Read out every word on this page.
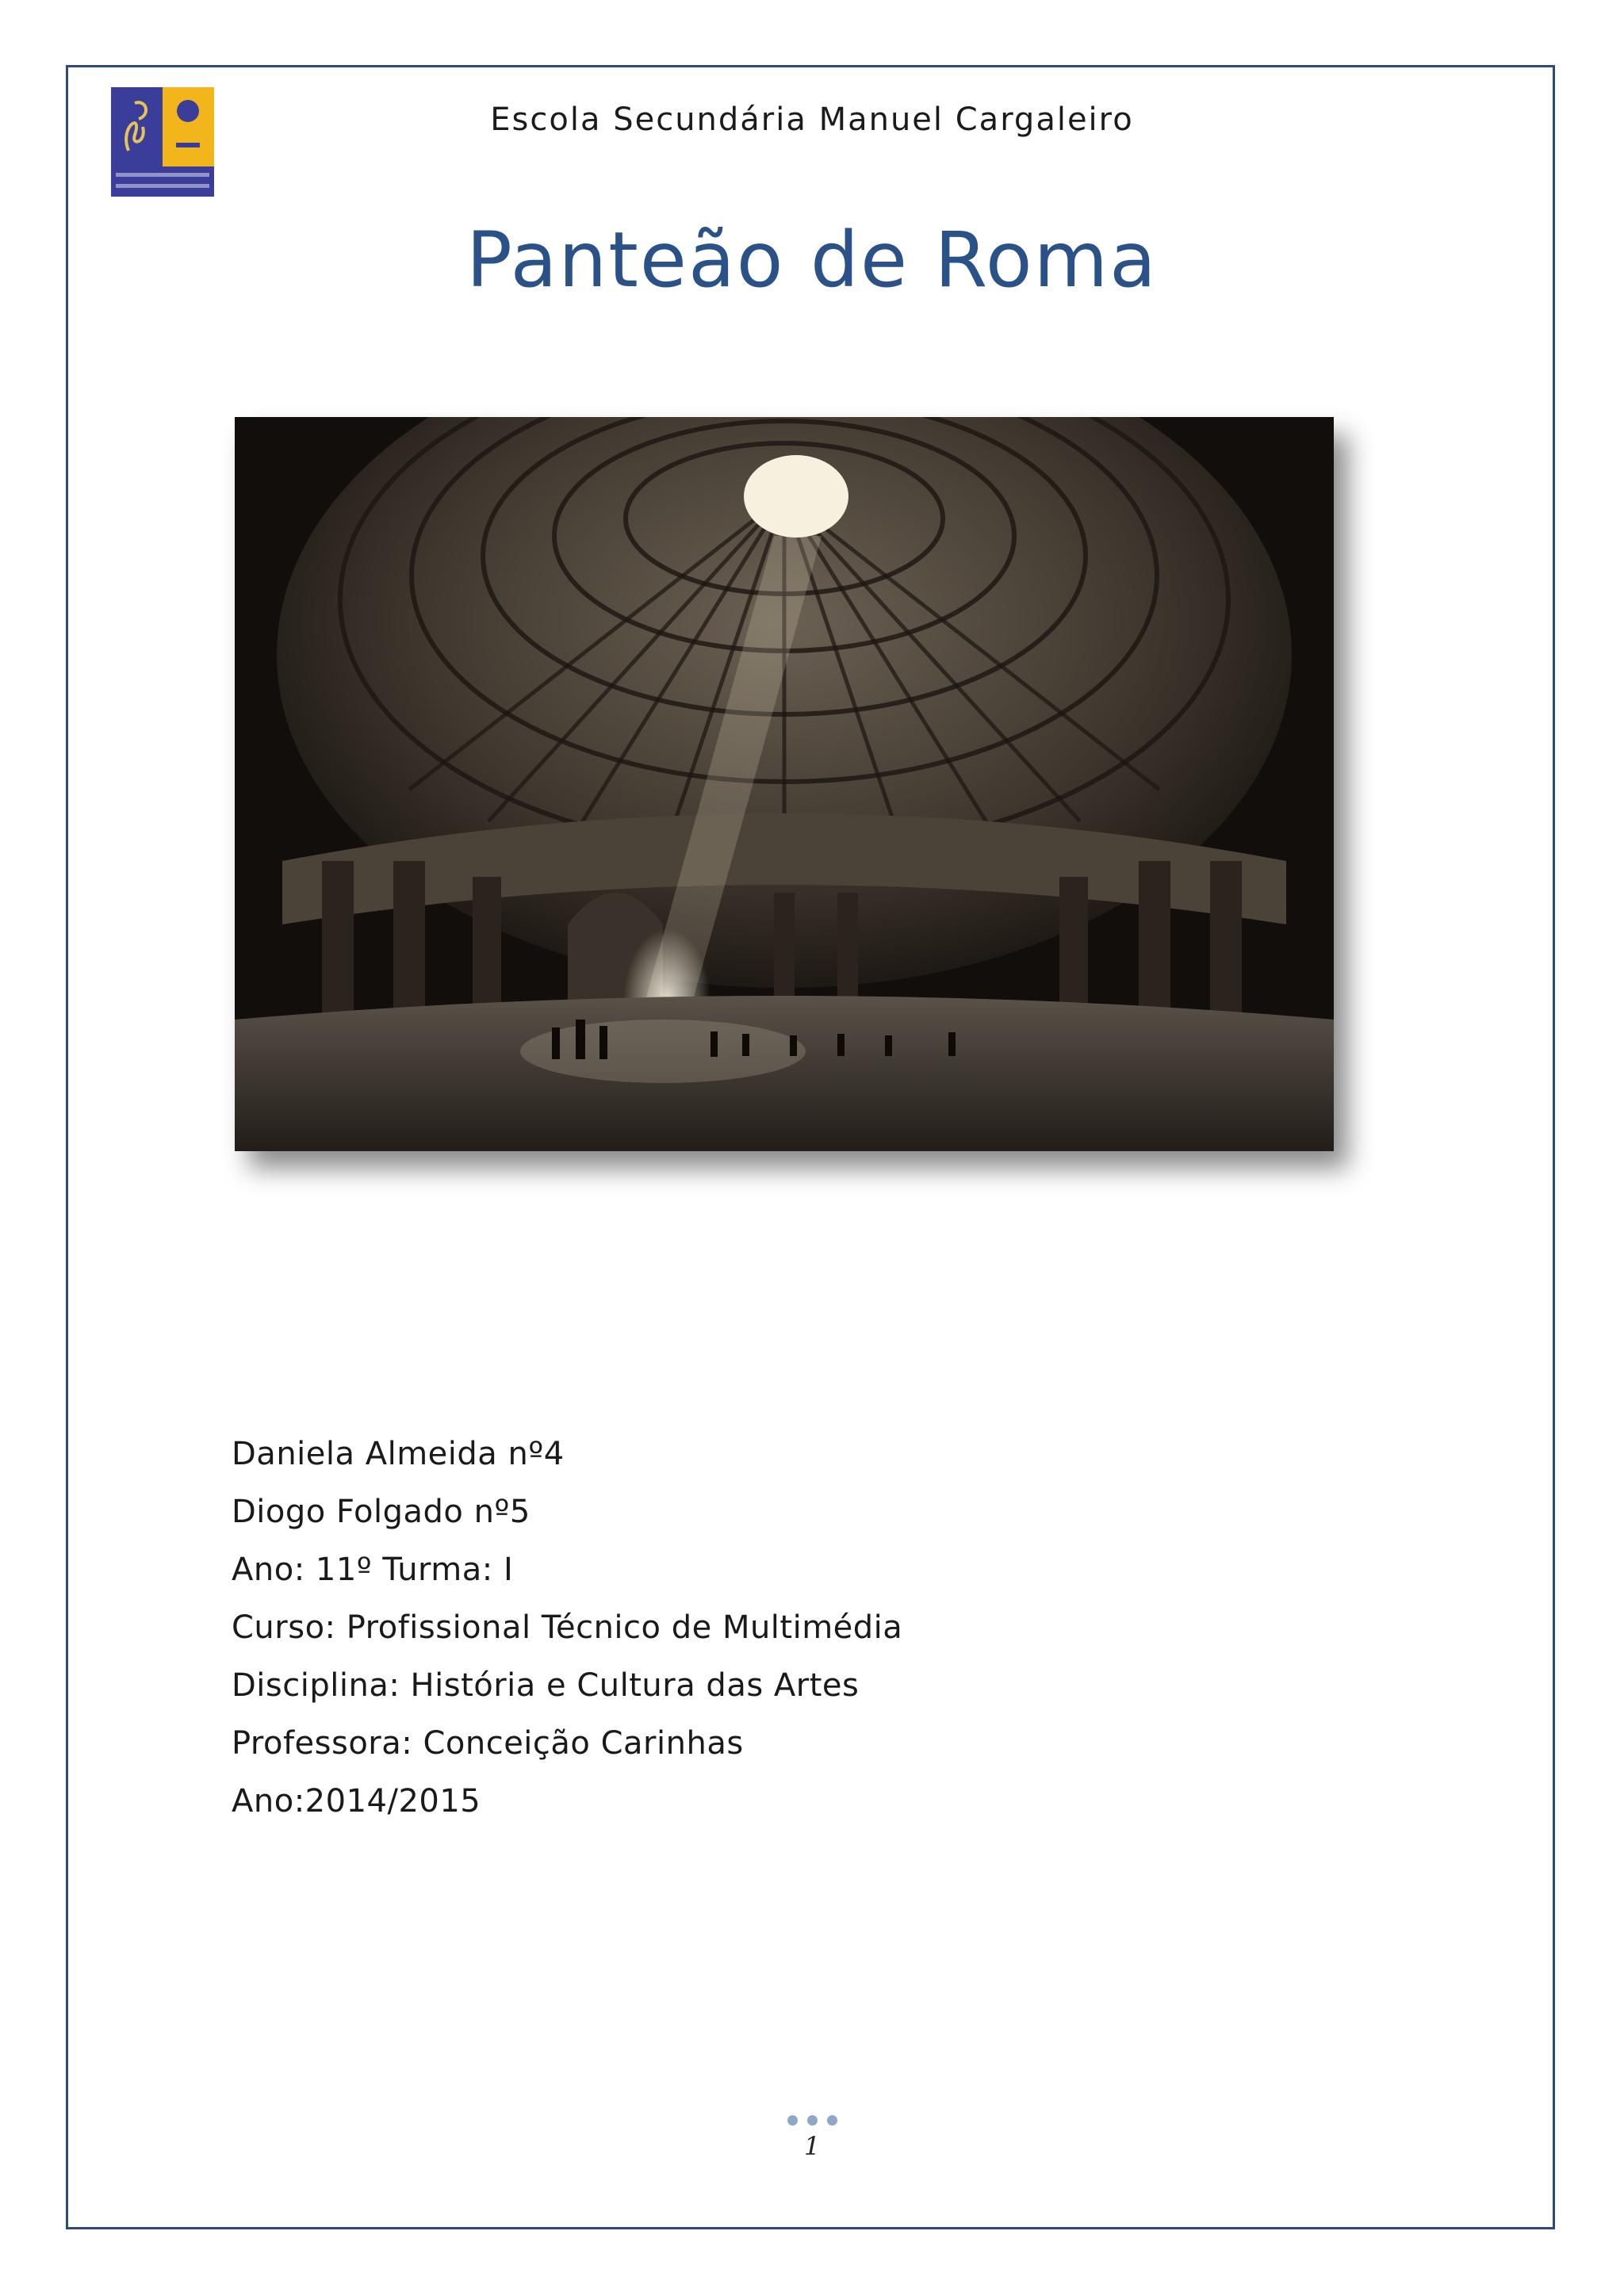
Escola Secundária Manuel Cargaleiro
Panteão de Roma
Daniela Almeida nº4
Diogo Folgado nº5
Ano: 11º Turma: I
Curso: Profissional Técnico de Multimédia
Disciplina: História e Cultura das Artes
Professora: Conceição Carinhas
Ano:2014/2015
1
